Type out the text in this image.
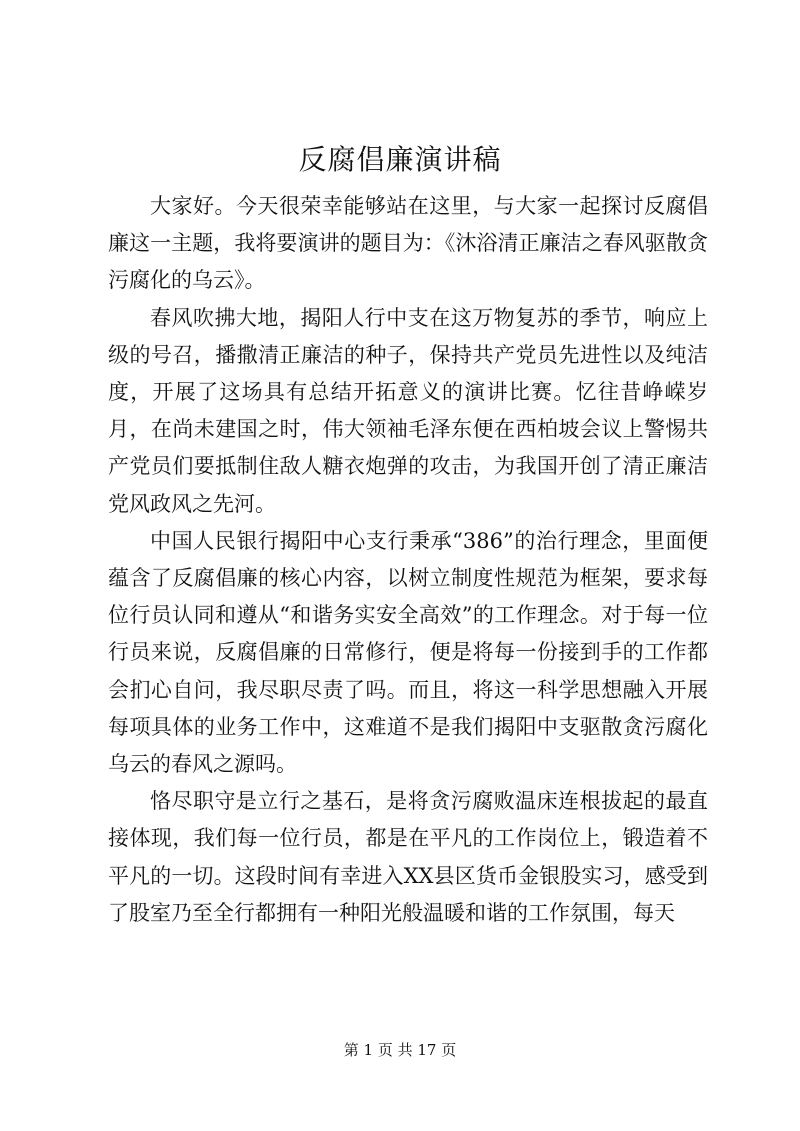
反腐倡廉演讲稿

大家好。今天很荣幸能够站在这里，与大家一起探讨反腐倡廉这一主题，我将要演讲的题目为：《沐浴清正廉洁之春风驱散贪污腐化的乌云》。

春风吹拂大地，揭阳人行中支在这万物复苏的季节，响应上级的号召，播撒清正廉洁的种子，保持共产党员先进性以及纯洁度，开展了这场具有总结开拓意义的演讲比赛。忆往昔峥嵘岁月，在尚未建国之时，伟大领袖毛泽东便在西柏坡会议上警惕共产党员们要抵制住敌人糖衣炮弹的攻击，为我国开创了清正廉洁党风政风之先河。

中国人民银行揭阳中心支行秉承“386”的治行理念，里面便蕴含了反腐倡廉的核心内容，以树立制度性规范为框架，要求每位行员认同和遵从“和谐务实安全高效”的工作理念。对于每一位行员来说，反腐倡廉的日常修行，便是将每一份接到手的工作都会扪心自问，我尽职尽责了吗。而且，将这一科学思想融入开展每项具体的业务工作中，这难道不是我们揭阳中支驱散贪污腐化乌云的春风之源吗。

恪尽职守是立行之基石，是将贪污腐败温床连根拔起的最直接体现，我们每一位行员，都是在平凡的工作岗位上，锻造着不平凡的一切。这段时间有幸进入XX县区货币金银股实习，感受到了股室乃至全行都拥有一种阳光般温暖和谐的工作氛围，每天

第 1 页 共 17 页
